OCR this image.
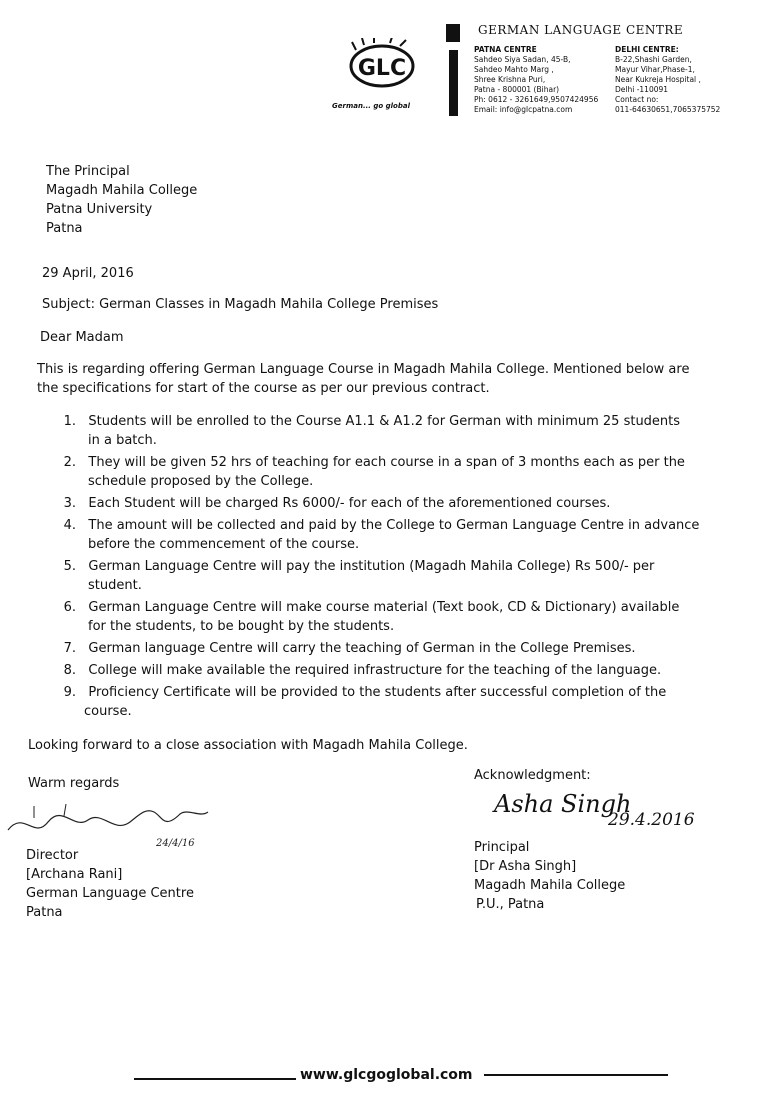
GLC
German... go global
GERMAN LANGUAGE CENTRE
PATNA CENTRE
Sahdeo Siya Sadan, 45-B,
Sahdeo Mahto Marg ,
Shree Krishna Puri,
Patna - 800001 (Bihar)
Ph: 0612 - 3261649,9507424956
Email: info@glcpatna.com
DELHI CENTRE:
B-22,Shashi Garden,
Mayur Vihar,Phase-1,
Near Kukreja Hospital ,
Delhi -110091
Contact no:
011-64630651,7065375752
The Principal
Magadh Mahila College
Patna University
Patna
29 April, 2016
Subject: German Classes in Magadh Mahila College Premises
Dear Madam
This is regarding offering German Language Course in Magadh Mahila College. Mentioned below are
the specifications for start of the course as per our previous contract.
1. Students will be enrolled to the Course A1.1 & A1.2 for German with minimum 25 students
in a batch.
2. They will be given 52 hrs of teaching for each course in a span of 3 months each as per the
schedule proposed by the College.
3. Each Student will be charged Rs 6000/- for each of the aforementioned courses.
4. The amount will be collected and paid by the College to German Language Centre in advance
before the commencement of the course.
5. German Language Centre will pay the institution (Magadh Mahila College) Rs 500/- per
student.
6. German Language Centre will make course material (Text book, CD & Dictionary) available
for the students, to be bought by the students.
7. German language Centre will carry the teaching of German in the College Premises.
8. College will make available the required infrastructure for the teaching of the language.
9. Proficiency Certificate will be provided to the students after successful completion of the
course.
Looking forward to a close association with Magadh Mahila College.
Warm regards
24/4/16
Director
[Archana Rani]
German Language Centre
Patna
Acknowledgment:
Asha Singh
29.4.2016
Principal
[Dr Asha Singh]
Magadh Mahila College
P.U., Patna
www.glcgoglobal.com
